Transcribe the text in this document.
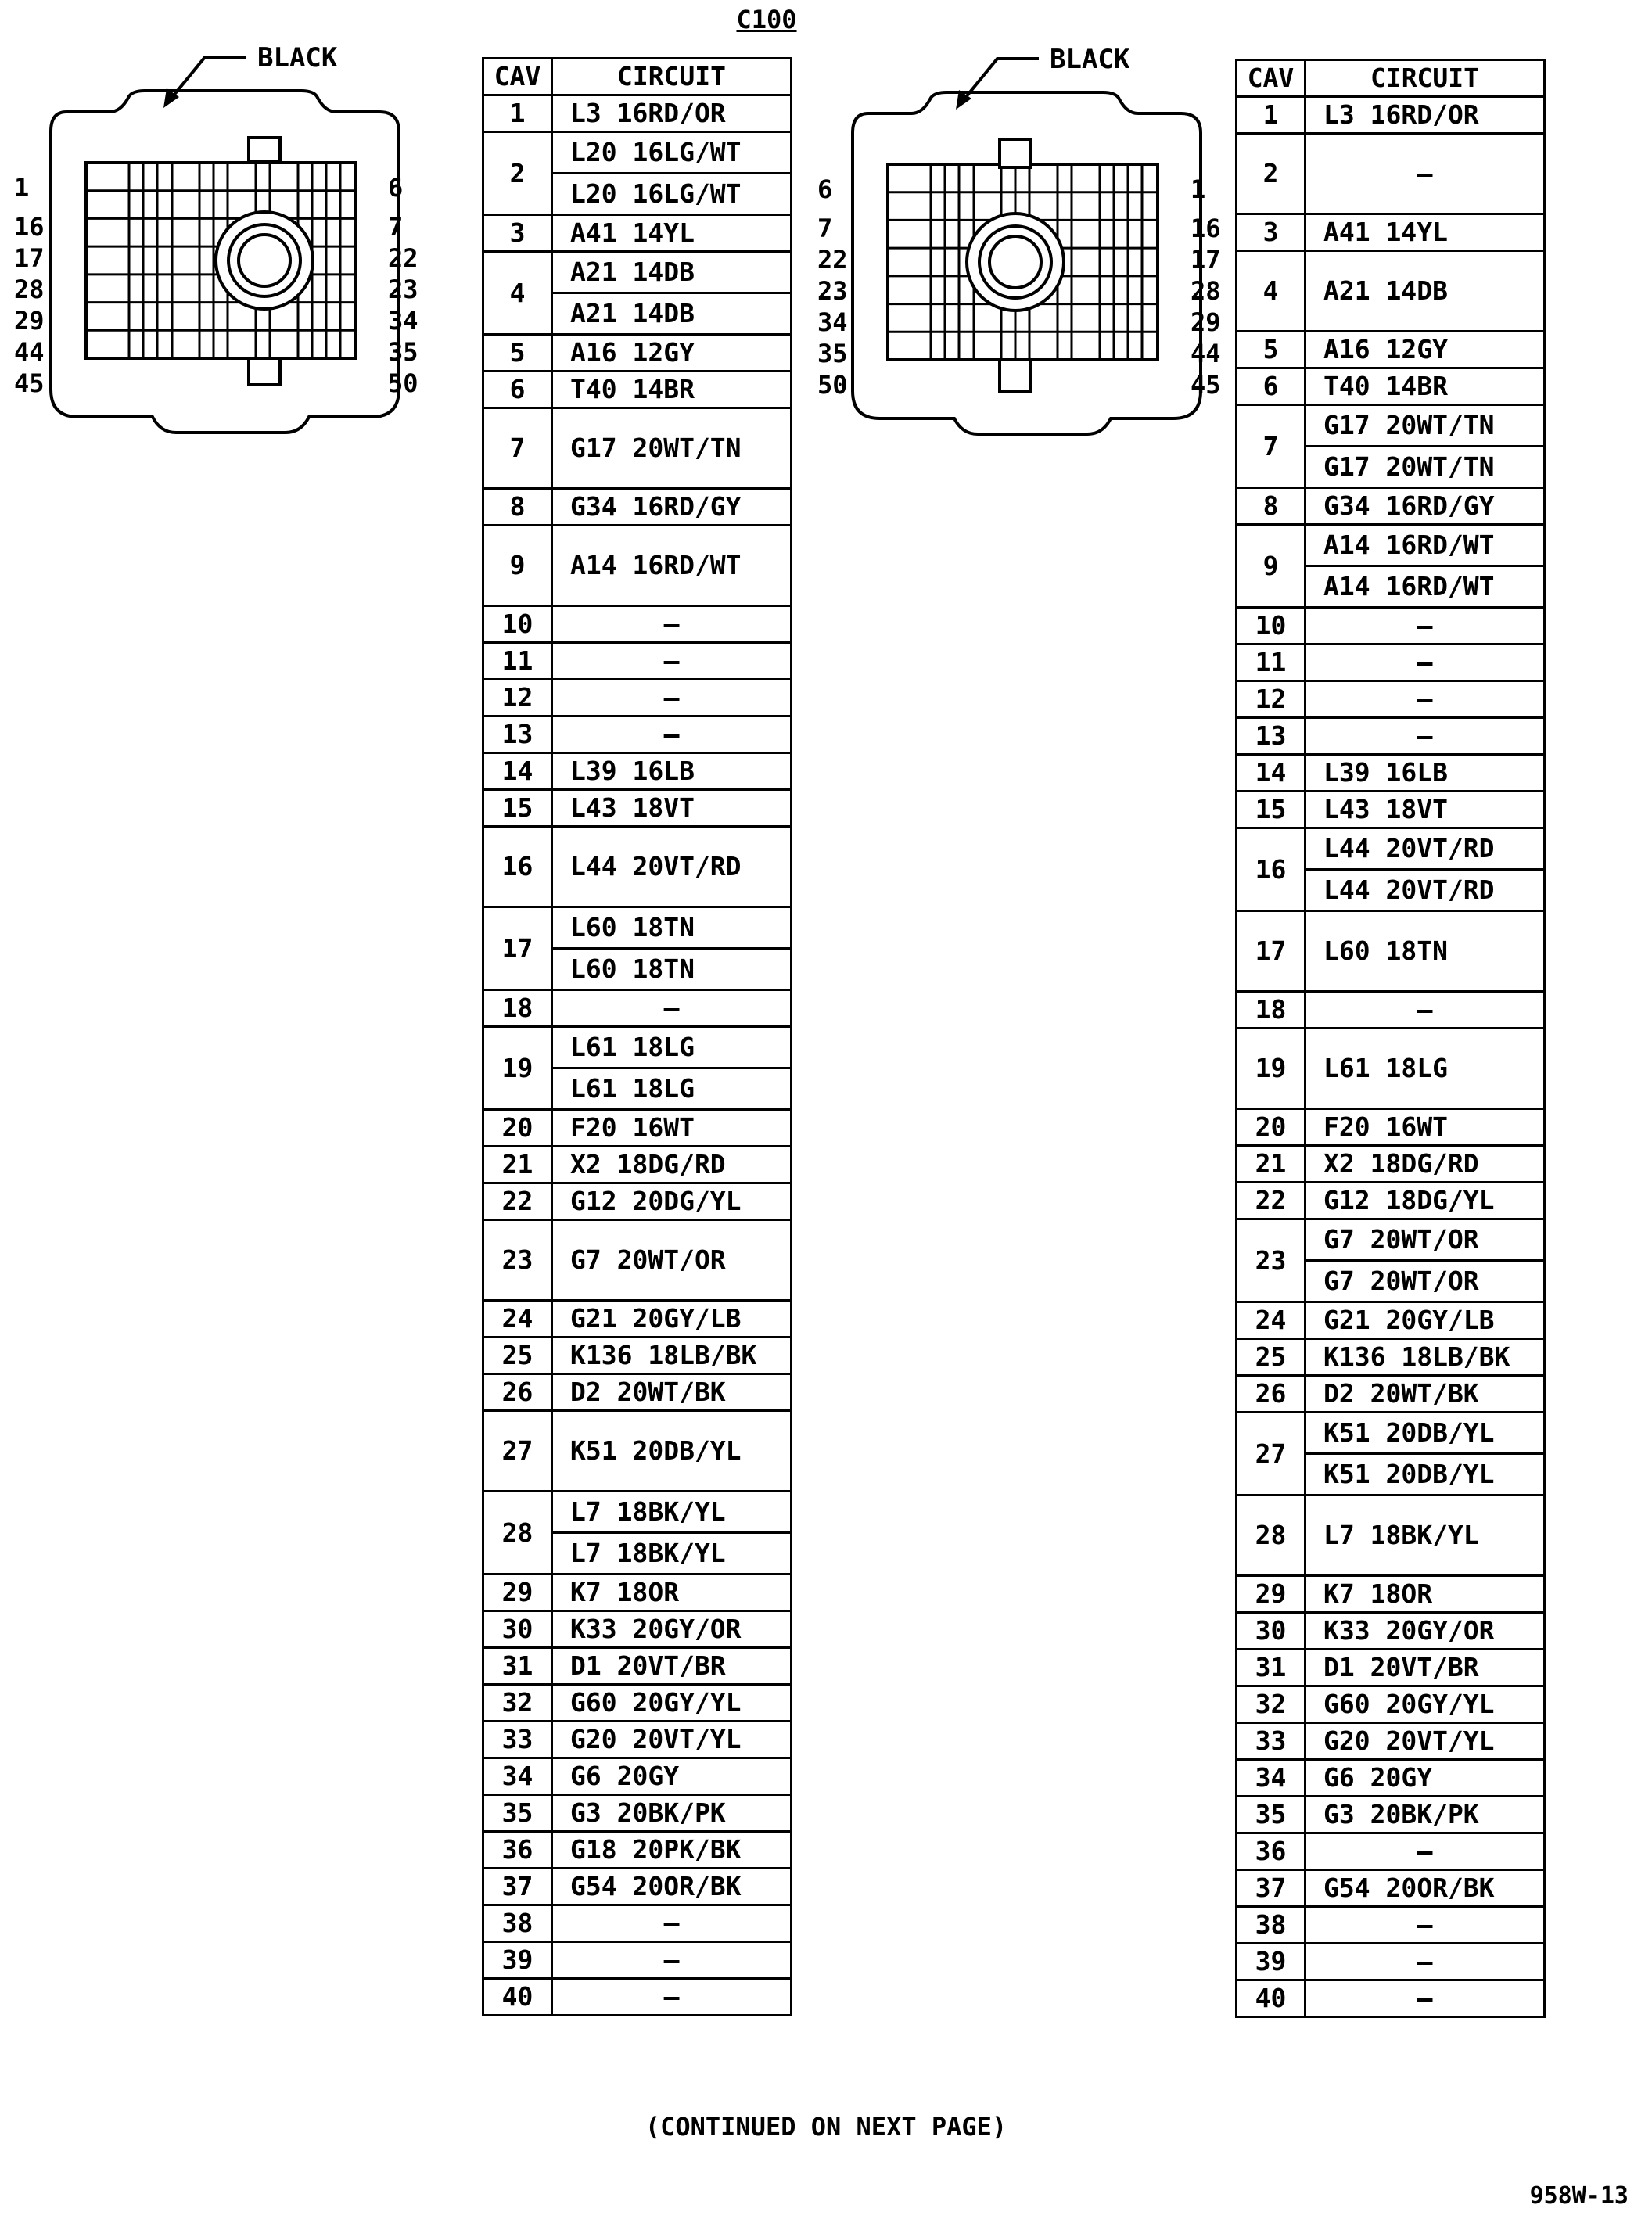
C100
BLACK	BLACK
CAV	CIRCUIT
1	L3 16RD/OR
2	L20 16LG/WT
L20 16LG/WT

3	A41 14YL
4	A21 14DB
A21 14DB

5	A16 12GY
6	T40 14BR
7	G17 20WT/TN
8	G34 16RD/GY
9	A14 16RD/WT
10	–
11	–
12	–
13	–
14	L39 16LB
15	L43 18VT
16	L44 20VT/RD
17	L60 18TN
L60 18TN

18	–
19	L61 18LG
L61 18LG

20	F20 16WT
21	X2 18DG/RD
22	G12 20DG/YL
23	G7 20WT/OR
24	G21 20GY/LB
25	K136 18LB/BK
26	D2 20WT/BK
27	K51 20DB/YL
28	L7 18BK/YL
L7 18BK/YL

29	K7 18OR
30	K33 20GY/OR
31	D1 20VT/BR
32	G60 20GY/YL
33	G20 20VT/YL
34	G6 20GY
35	G3 20BK/PK
36	G18 20PK/BK
37	G54 20OR/BK
38	–
39	–
40	–
CAV	CIRCUIT
1	L3 16RD/OR
2	–
3	A41 14YL
4	A21 14DB
5	A16 12GY
6	T40 14BR
7	G17 20WT/TN
G17 20WT/TN

8	G34 16RD/GY
9	A14 16RD/WT
A14 16RD/WT

10	–
11	–
12	–
13	–
14	L39 16LB
15	L43 18VT
16	L44 20VT/RD
L44 20VT/RD

17	L60 18TN
18	–
19	L61 18LG
20	F20 16WT
21	X2 18DG/RD
22	G12 18DG/YL
23	G7 20WT/OR
G7 20WT/OR

24	G21 20GY/LB
25	K136 18LB/BK
26	D2 20WT/BK
27	K51 20DB/YL
K51 20DB/YL

28	L7 18BK/YL
29	K7 18OR
30	K33 20GY/OR
31	D1 20VT/BR
32	G60 20GY/YL
33	G20 20VT/YL
34	G6 20GY
35	G3 20BK/PK
36	–
37	G54 20OR/BK
38	–
39	–
40	–
(CONTINUED ON NEXT PAGE)
958W-13
1
16
17
28
29
44
45
6
7
22
23
34
35
50
6
7
22
23
34
35
50
1
16
17
28
29
44
45
